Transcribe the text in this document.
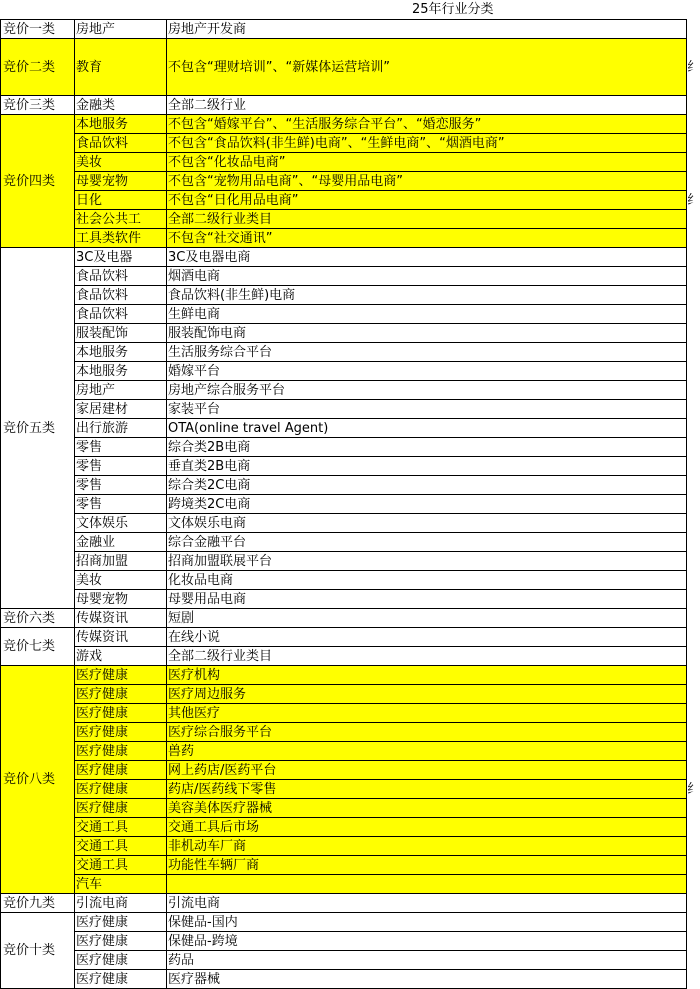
25年行业分类
竞价一类	房地产	房地产开发商	
竞价二类	教育	不包含“理财培训”、“新媒体运营培训”	纟
竞价三类	金融类	全部二级行业	
竞价四类	本地服务	不包含“婚嫁平台”、“生活服务综合平台”、“婚恋服务”	
	食品饮料	不包含“食品饮料(非生鲜)电商”、“生鲜电商”、“烟酒电商”	
	美妆	不包含“化妆品电商”	
	母婴宠物	不包含“宠物用品电商”、“母婴用品电商”	
	日化	不包含“日化用品电商”	纟
	社会公共工	全部二级行业类目	
	工具类软件	不包含“社交通讯”	
竞价五类	3C及电器	3C及电器电商	
	食品饮料	烟酒电商	
	食品饮料	食品饮料(非生鲜)电商	
	食品饮料	生鲜电商	
	服装配饰	服装配饰电商	
	本地服务	生活服务综合平台	
	本地服务	婚嫁平台	
	房地产	房地产综合服务平台	
	家居建材	家装平台	
	出行旅游	OTA(online travel Agent)	
	零售	综合类2B电商	
	零售	垂直类2B电商	
	零售	综合类2C电商	
	零售	跨境类2C电商	
	文体娱乐	文体娱乐电商	
	金融业	综合金融平台	
	招商加盟	招商加盟联展平台	
	美妆	化妆品电商	
	母婴宠物	母婴用品电商	
竞价六类	传媒资讯	短剧	
竞价七类	传媒资讯	在线小说	
	游戏	全部二级行业类目	
竞价八类	医疗健康	医疗机构	
	医疗健康	医疗周边服务	
	医疗健康	其他医疗	
	医疗健康	医疗综合服务平台	
	医疗健康	兽药	
	医疗健康	网上药店/医药平台	
	医疗健康	药店/医药线下零售	纟
	医疗健康	美容美体医疗器械	
	交通工具	交通工具后市场	
	交通工具	非机动车厂商	
	交通工具	功能性车辆厂商	
	汽车		
竞价九类	引流电商	引流电商	
竞价十类	医疗健康	保健品-国内	
	医疗健康	保健品-跨境	
	医疗健康	药品	
	医疗健康	医疗器械	
